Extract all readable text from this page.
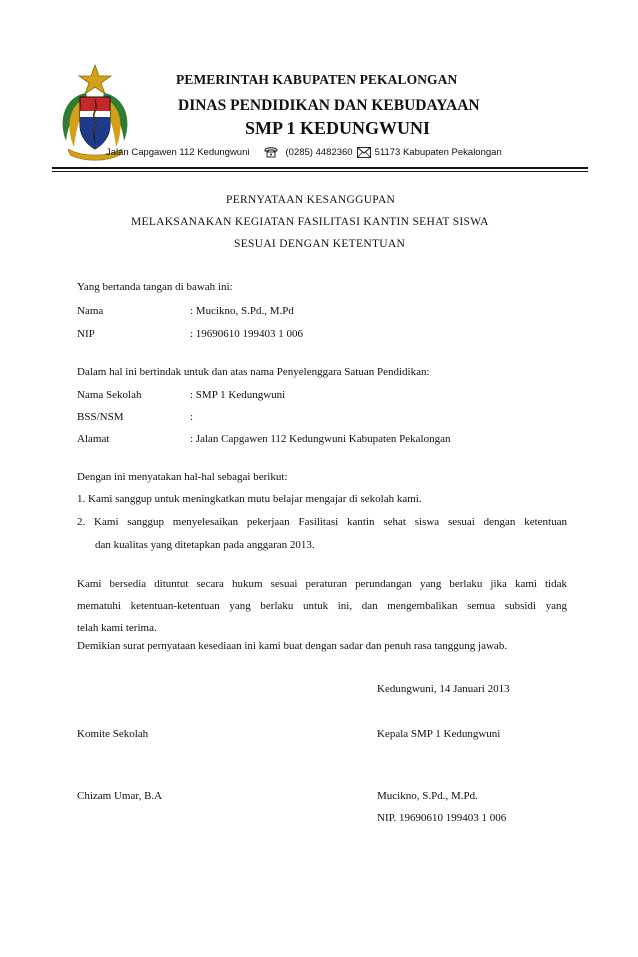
PEMERINTAH KABUPATEN PEKALONGAN
DINAS PENDIDIKAN DAN KEBUDAYAAN
SMP 1 KEDUNGWUNI
Jalan Capgawen 112 Kedungwuni	(0285) 4482360 51173 Kabupaten Pekalongan
PERNYATAAN KESANGGUPAN
MELAKSANAKAN KEGIATAN FASILITASI KANTIN SEHAT SISWA
SESUAI DENGAN KETENTUAN
Yang bertanda tangan di bawah ini:
Nama	: Mucikno, S.Pd., M.Pd
NIP	: 19690610 199403 1 006
Dalam hal ini bertindak untuk dan atas nama Penyelenggara Satuan Pendidikan:
Nama Sekolah	: SMP 1 Kedungwuni
BSS/NSM	:
Alamat	: Jalan Capgawen 112 Kedungwuni Kabupaten Pekalongan
Dengan ini menyatakan hal-hal sebagai berikut:
1. Kami sanggup untuk meningkatkan mutu belajar mengajar di sekolah kami.
2. Kami sanggup menyelesaikan pekerjaan Fasilitasi kantin sehat siswa sesuai dengan ketentuan
dan kualitas yang ditetapkan pada anggaran 2013.
Kami bersedia dituntut secara hukum sesuai peraturan perundangan yang berlaku jika kami tidak
mematuhi ketentuan-ketentuan yang berlaku untuk ini, dan mengembalikan semua subsidi yang
telah kami terima.
Demikian surat pernyataan kesediaan ini kami buat dengan sadar dan penuh rasa tanggung jawab.
Kedungwuni, 14 Januari 2013
Komite Sekolah	Kepala SMP 1 Kedungwuni
Chizam Umar, B.A	Mucikno, S.Pd., M.Pd.
NIP. 19690610 199403 1 006
